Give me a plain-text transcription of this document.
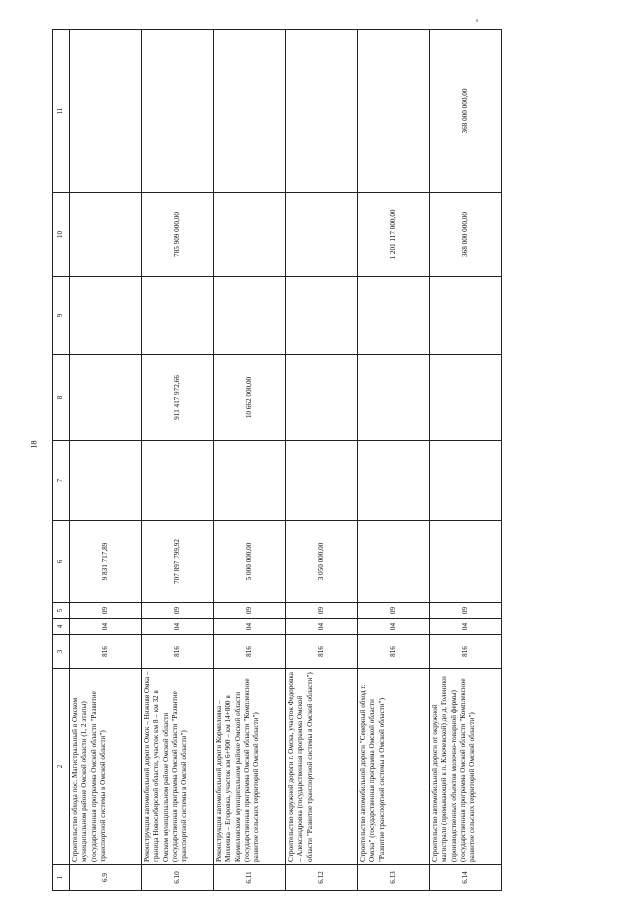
18
s
1	2	3	4	5	6	7	8	9	10	11
6.9	Строительство обхода пос. Магистральный в Омском муниципальном районе Омской области (1, 2 этапы) (государственная программа Омской области "Развитие транспортной системы в Омской области")	816	04	09	9 831 717,89					
6.10	Реконструкция автомобильной дороги Омск – Нижняя Омка – граница Новосибирской области, участок км 8 – км 32 в Омском муниципальном районе Омской области (государственная программа Омской области "Развитие транспортной системы в Омской области")	816	04	09	707 897 799,92		911 417 972,66		785 909 000,00	
6.11	Реконструкция автомобильной дороги Кормиловка – Михеевка – Егоровка, участок км 6+900 – км 14+800 в Кормиловском муниципальном районе Омской области (государственная программа Омской области "Комплексное развитие сельских территорий Омской области")	816	04	09	5 000 000,00		10 662 000,00			
6.12	Строительство окружной дороги г. Омска, участок Федоровка – Александровка (государственная программа Омской области "Развитие транспортной системы в Омской области")	816	04	09	3 050 000,00					
6.13	Строительство автомобильной дороги "Северный обход г. Омска" (государственная программа Омской области "Развитие транспортной системы в Омской области")	816	04	09					1 201 117 000,00	
6.14	Строительство автомобильной дороги от окружной магистрали (примыкающей к п. Ключевской) до д. Голеники (производственных объектов молочно-товарной фермы) (государственная программа Омской области "Комплексное развитие сельских территорий Омской области")	816	04	09					368 000 000,00	368 000 000,00
